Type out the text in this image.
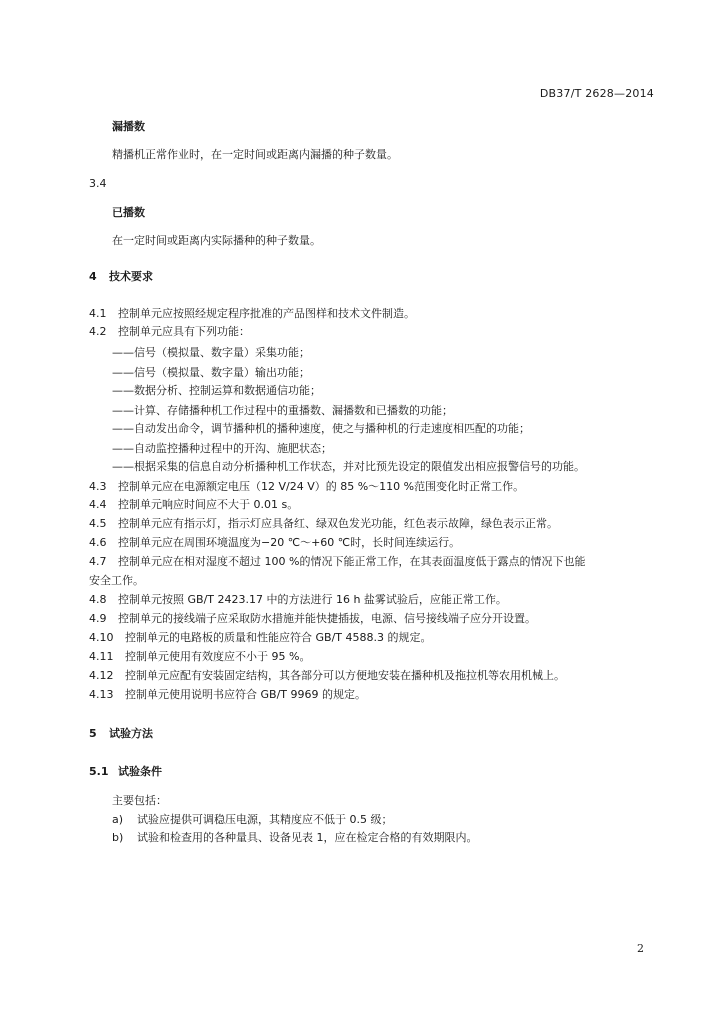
DB37/T 2628—2014
漏播数
精播机正常作业时，在一定时间或距离内漏播的种子数量。
3.4
已播数
在一定时间或距离内实际播种的种子数量。
4 技术要求
4.1 控制单元应按照经规定程序批准的产品图样和技术文件制造。
4.2 控制单元应具有下列功能：
——信号（模拟量、数字量）采集功能；
——信号（模拟量、数字量）输出功能；
——数据分析、控制运算和数据通信功能；
——计算、存储播种机工作过程中的重播数、漏播数和已播数的功能；
——自动发出命令，调节播种机的播种速度，使之与播种机的行走速度相匹配的功能；
——自动监控播种过程中的开沟、施肥状态；
——根据采集的信息自动分析播种机工作状态，并对比预先设定的限值发出相应报警信号的功能。
4.3 控制单元应在电源额定电压（12 V/24 V）的 85 %～110 %范围变化时正常工作。
4.4 控制单元响应时间应不大于 0.01 s。
4.5 控制单元应有指示灯，指示灯应具备红、绿双色发光功能，红色表示故障，绿色表示正常。
4.6 控制单元应在周围环境温度为−20 ℃～+60 ℃时，长时间连续运行。
4.7 控制单元应在相对湿度不超过 100 %的情况下能正常工作，在其表面温度低于露点的情况下也能
安全工作。
4.8 控制单元按照 GB/T 2423.17 中的方法进行 16 h 盐雾试验后，应能正常工作。
4.9 控制单元的接线端子应采取防水措施并能快捷插拔，电源、信号接线端子应分开设置。
4.10 控制单元的电路板的质量和性能应符合 GB/T 4588.3 的规定。
4.11 控制单元使用有效度应不小于 95 %。
4.12 控制单元应配有安装固定结构，其各部分可以方便地安装在播种机及拖拉机等农用机械上。
4.13 控制单元使用说明书应符合 GB/T 9969 的规定。
5 试验方法
5.1 试验条件
主要包括：
a) 试验应提供可调稳压电源，其精度应不低于 0.5 级；
b) 试验和检查用的各种量具、设备见表 1，应在检定合格的有效期限内。
2
